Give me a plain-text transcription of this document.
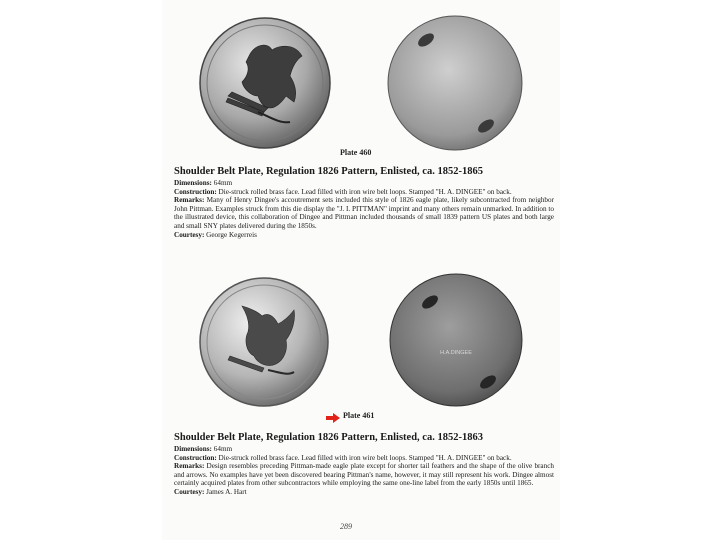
Plate 460
Shoulder Belt Plate, Regulation 1826 Pattern, Enlisted, ca. 1852-1865

Dimensions: 64mm

Construction: Die-struck rolled brass face. Lead filled with iron wire belt loops. Stamped "H. A. DINGEE" on back.

Remarks: Many of Henry Dingee's accoutrement sets included this style of 1826 eagle plate, likely subcontracted from neighbor John Pittman. Examples struck from this die display the "J. I. PITTMAN" imprint and many others remain unmarked. In addition to the illustrated device, this collaboration of Dingee and Pittman included thousands of small 1839 pattern US plates and both large and small SNY plates delivered during the 1850s.

Courtesy: George Kegerreis

H.A.DINGEE
Plate 461
Shoulder Belt Plate, Regulation 1826 Pattern, Enlisted, ca. 1852-1863

Dimensions: 64mm

Construction: Die-struck rolled brass face. Lead filled with iron wire belt loops. Stamped "H. A. DINGEE" on back.

Remarks: Design resembles preceding Pittman-made eagle plate except for shorter tail feathers and the shape of the olive branch and arrows. No examples have yet been discovered bearing Pittman's name, however, it may still represent his work. Dingee almost certainly acquired plates from other subcontractors while employing the same one-line label from the early 1850s until 1865.

Courtesy: James A. Hart

289
